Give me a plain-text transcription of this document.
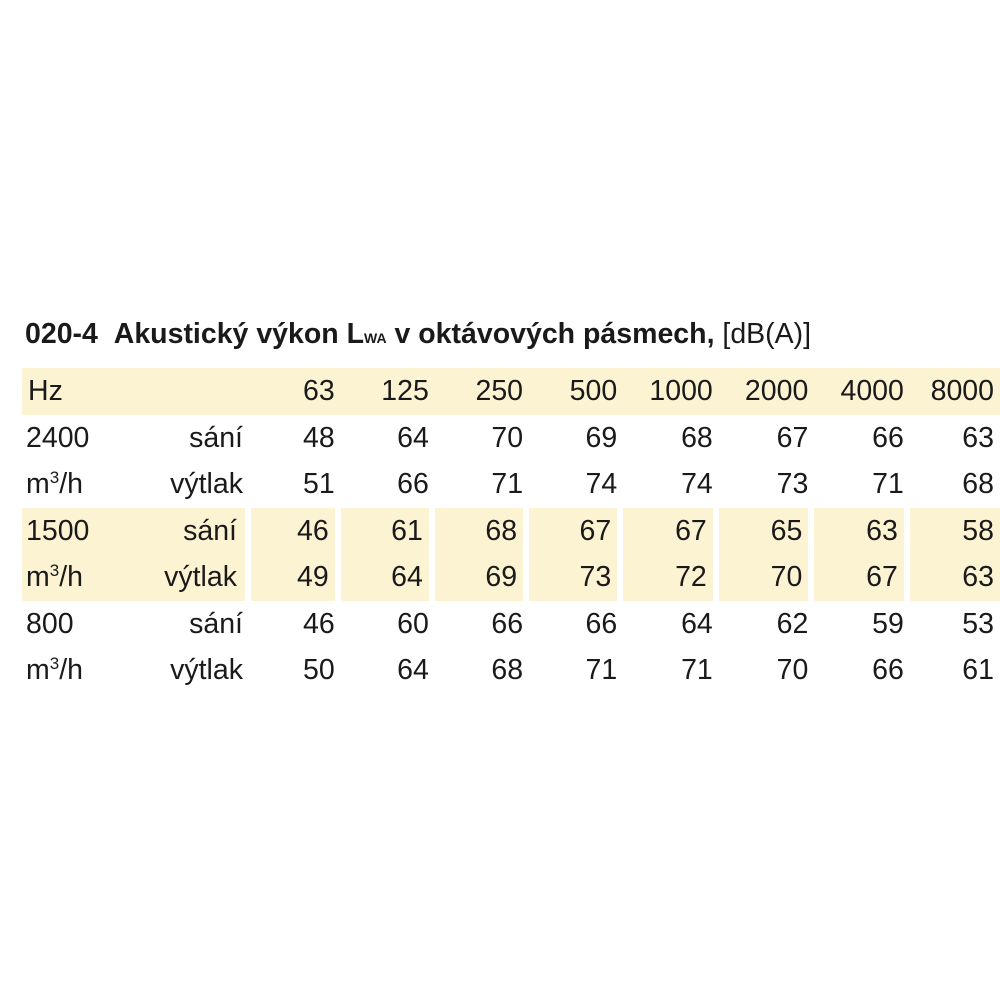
020-4 Akustický výkon LWA v oktávových pásmech, [dB(A)]
Hz		63	125	250	500	1000	2000	4000	8000
2400	sání	48	64	70	69	68	67	66	63
$m^3/h$	výtlak	51	66	71	74	74	73	71	68
1500	sání	46	61	68	67	67	65	63	58
$m^3/h$	výtlak	49	64	69	73	72	70	67	63
800	sání	46	60	66	66	64	62	59	53
$m^3/h$	výtlak	50	64	68	71	71	70	66	61
